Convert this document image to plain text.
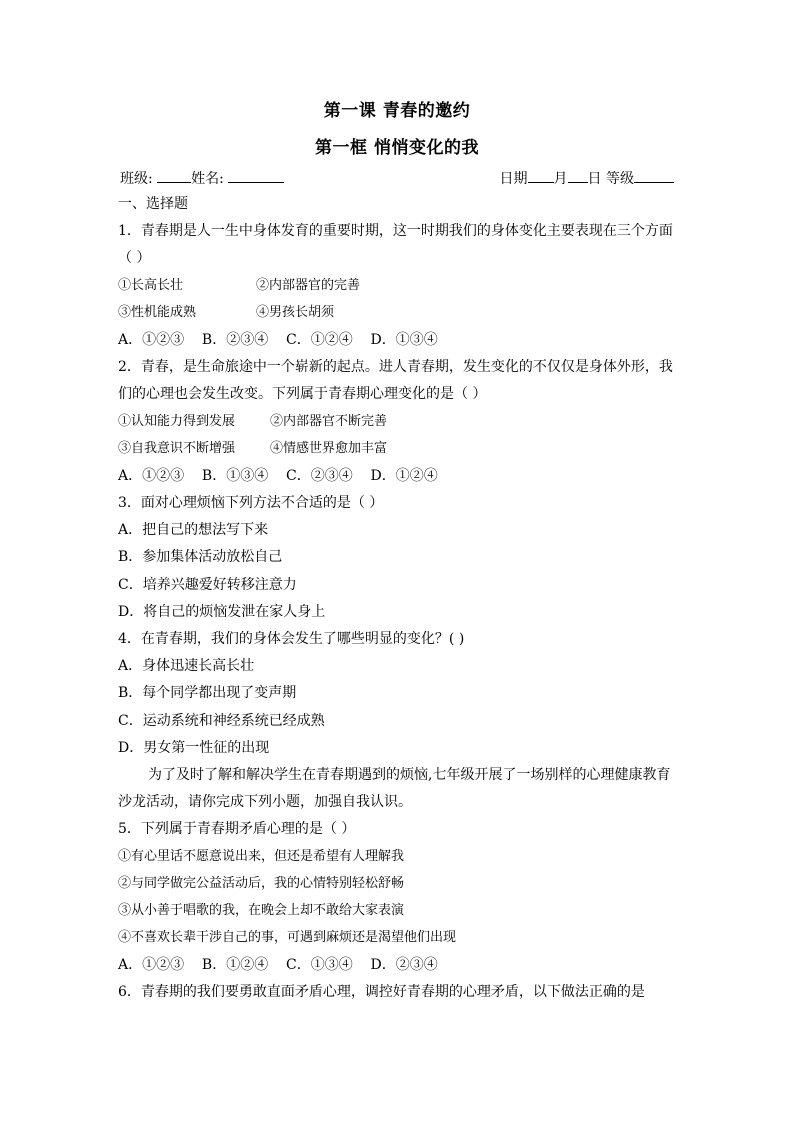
第一课 青春的邀约
第一框 悄悄变化的我
班级:	姓名:	日期 月 日 等级
一、选择题
1．青春期是人一生中身体发育的重要时期，这一时期我们的身体变化主要表现在三个方面
（ ）
①长高长壮	②内部器官的完善
③性机能成熟	④男孩长胡须
A．①②③    B．②③④    C．①②④    D．①③④
2．青春，是生命旅途中一个崭新的起点。进人青春期，发生变化的不仅仅是身体外形，我
们的心理也会发生改变。下列属于青春期心理变化的是（ ）
①认知能力得到发展	②内部器官不断完善
③自我意识不断增强	④情感世界愈加丰富
A．①②③    B．①③④    C．②③④    D．①②④
3．面对心理烦恼下列方法不合适的是（ ）
A．把自己的想法写下来
B．参加集体活动放松自己
C．培养兴趣爱好转移注意力
D．将自己的烦恼发泄在家人身上
4．在青春期，我们的身体会发生了哪些明显的变化？( )
A．身体迅速长高长壮
B．每个同学都出现了变声期
C．运动系统和神经系统已经成熟
D．男女第一性征的出现
为了及时了解和解决学生在青春期遇到的烦恼,七年级开展了一场别样的心理健康教育
沙龙活动，请你完成下列小题，加强自我认识。
5．下列属于青春期矛盾心理的是（ ）
①有心里话不愿意说出来，但还是希望有人理解我
②与同学做完公益活动后，我的心情特别轻松舒畅
③从小善于唱歌的我，在晚会上却不敢给大家表演
④不喜欢长辈干涉自己的事，可遇到麻烦还是渴望他们出现
A．①②③    B．①②④    C．①③④    D．②③④
6．青春期的我们要勇敢直面矛盾心理，调控好青春期的心理矛盾，以下做法正确的是
